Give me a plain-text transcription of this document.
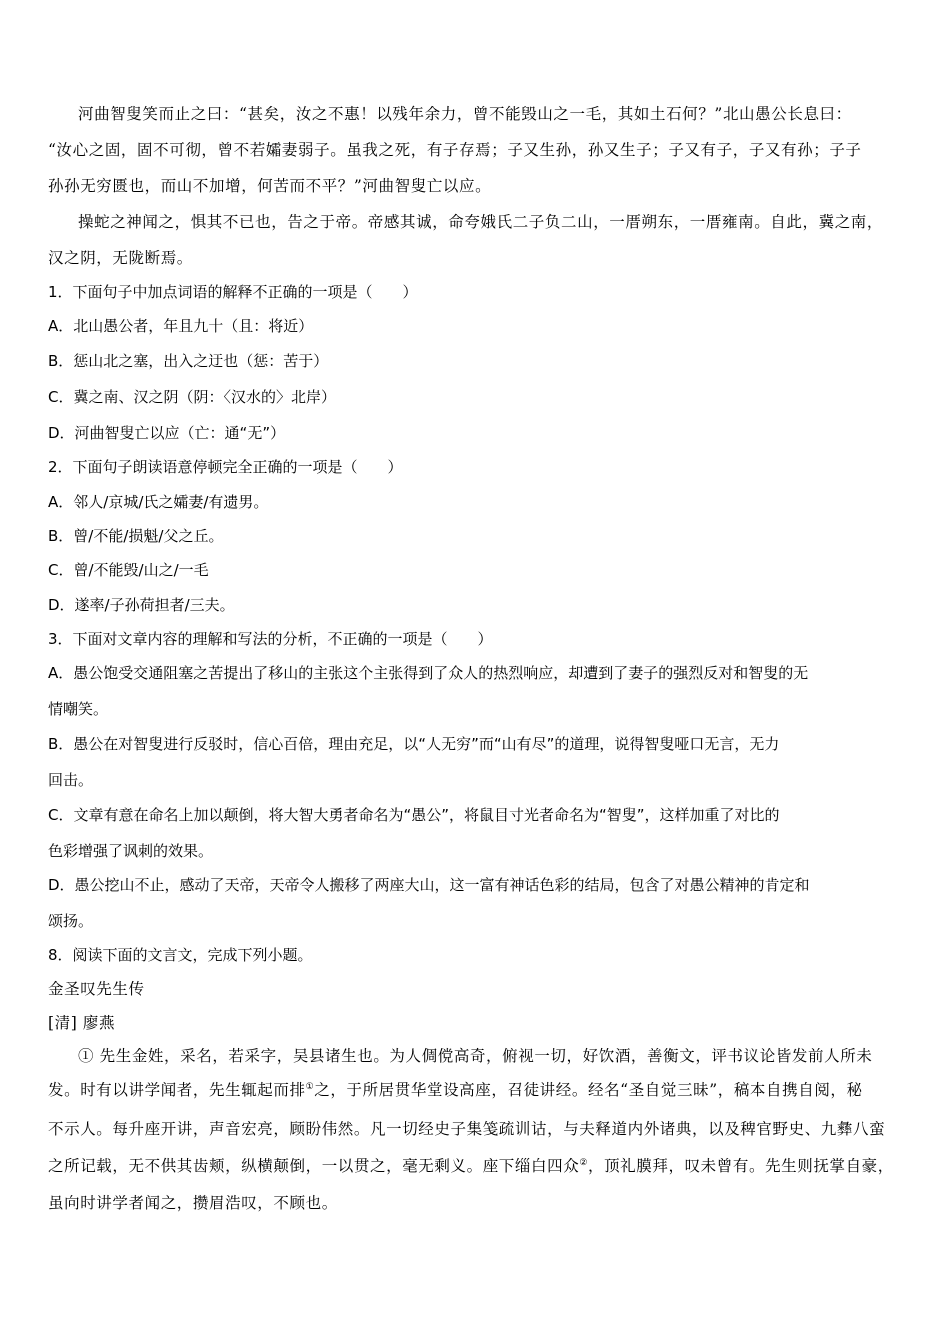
河曲智叟笑而止之曰：“甚矣，汝之不惠！以残年余力，曾不能毁山之一毛，其如土石何？”北山愚公长息曰：
“汝心之固，固不可彻，曾不若孀妻弱子。虽我之死，有子存焉；子又生孙，孙又生子；子又有子，子又有孙；子子
孙孙无穷匮也，而山不加增，何苦而不平？”河曲智叟亡以应。
操蛇之神闻之，惧其不已也，告之于帝。帝感其诚，命夸娥氏二子负二山，一厝朔东，一厝雍南。自此，冀之南，
汉之阴，无陇断焉。
1．下面句子中加点词语的解释不正确的一项是（　　）
A．北山愚公者，年且九十（且：将近）
B．惩山北之塞，出入之迂也（惩：苦于）
C．冀之南、汉之阴（阴：〈汉水的〉北岸）
D．河曲智叟亡以应（亡：通“无”）
2．下面句子朗读语意停顿完全正确的一项是（　　）
A．邻人/京城/氏之孀妻/有遗男。
B．曾/不能/损魁/父之丘。
C．曾/不能毁/山之/一毛
D．遂率/子孙荷担者/三夫。
3．下面对文章内容的理解和写法的分析，不正确的一项是（　　）
A．愚公饱受交通阻塞之苦提出了移山的主张这个主张得到了众人的热烈响应，却遭到了妻子的强烈反对和智叟的无
情嘲笑。
B．愚公在对智叟进行反驳时，信心百倍，理由充足，以“人无穷”而“山有尽”的道理，说得智叟哑口无言，无力
回击。
C．文章有意在命名上加以颠倒，将大智大勇者命名为“愚公”，将鼠目寸光者命名为“智叟”，这样加重了对比的
色彩增强了讽刺的效果。
D．愚公挖山不止，感动了天帝，天帝令人搬移了两座大山，这一富有神话色彩的结局，包含了对愚公精神的肯定和
颂扬。
8．阅读下面的文言文，完成下列小题。
金圣叹先生传
[清] 廖燕
① 先生金姓，采名，若采字，吴县诸生也。为人倜傥高奇，俯视一切，好饮酒，善衡文，评书议论皆发前人所未
发。时有以讲学闻者，先生辄起而排①之，于所居贯华堂设高座，召徒讲经。经名“圣自觉三昧”，稿本自携自阅，秘
不示人。每升座开讲，声音宏亮，顾盼伟然。凡一切经史子集笺疏训诂，与夫释道内外诸典，以及稗官野史、九彝八蛮
之所记载，无不供其齿颊，纵横颠倒，一以贯之，毫无剩义。座下缁白四众②，顶礼膜拜，叹未曾有。先生则抚掌自豪，
虽向时讲学者闻之，攒眉浩叹，不顾也。
